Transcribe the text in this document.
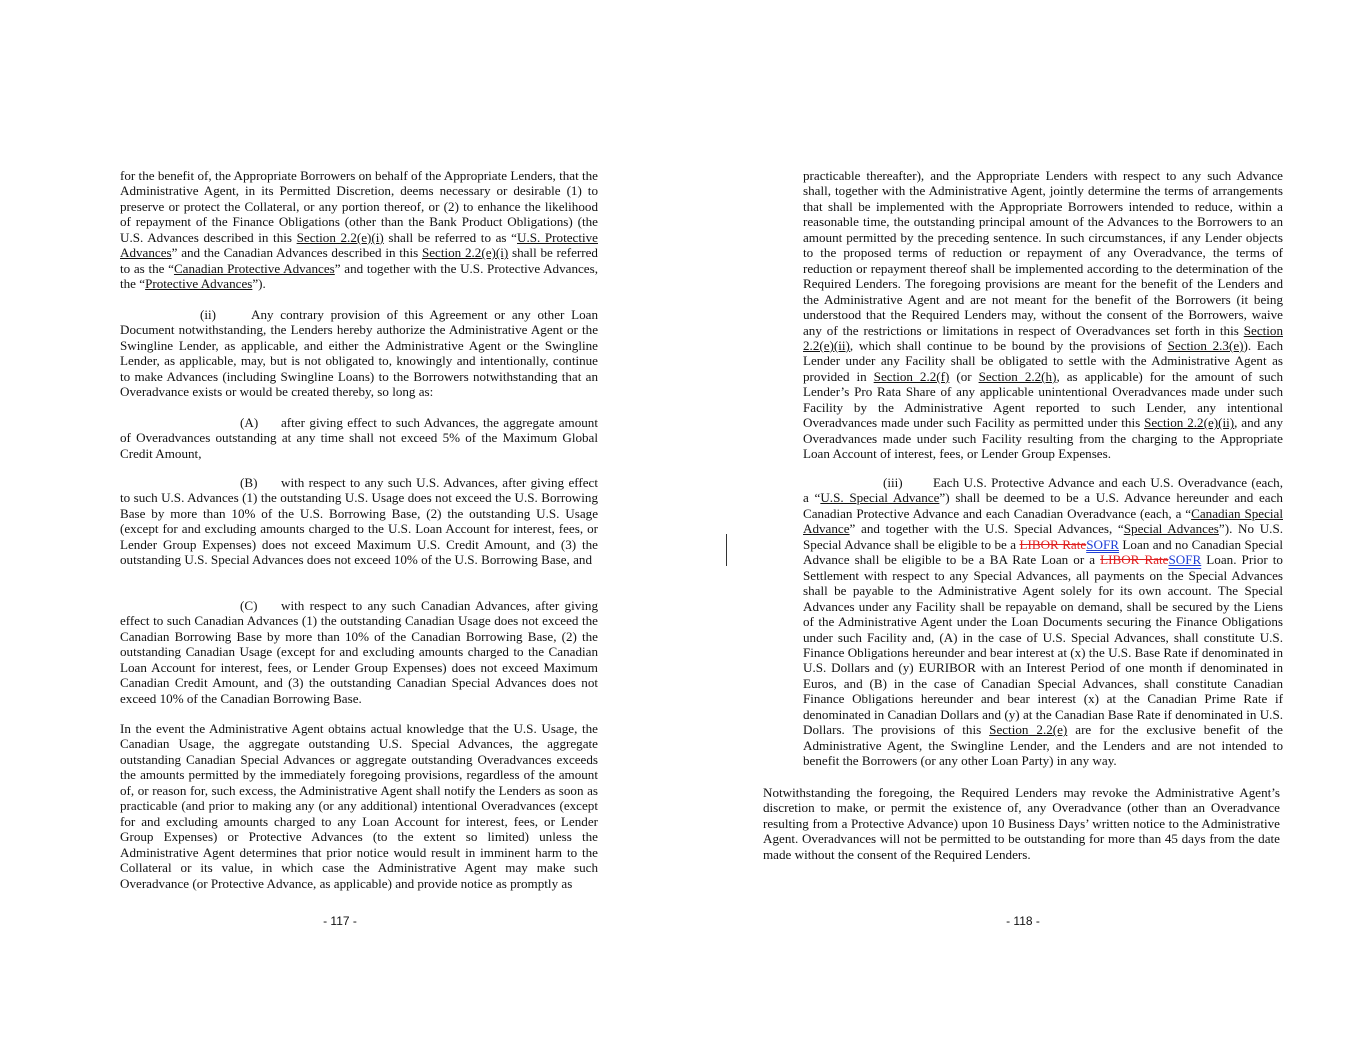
- 117 -

for the benefit of, the Appropriate Borrowers on behalf of the Appropriate Lenders, that the Administrative Agent, in its Permitted Discretion, deems necessary or desirable (1) to preserve or protect the Collateral, or any portion thereof, or (2) to enhance the likelihood of repayment of the Finance Obligations (other than the Bank Product Obligations) (the U.S. Advances described in this Section 2.2(e)(i) shall be referred to as “U.S. Protective Advances” and the Canadian Advances described in this Section 2.2(e)(i) shall be referred to as the “Canadian Protective Advances” and together with the U.S. Protective Advances, the “Protective Advances”).

(ii)	Any contrary provision of this Agreement or any other Loan Document notwithstanding, the Lenders hereby authorize the Administrative Agent or the Swingline Lender, as applicable, and either the Administrative Agent or the Swingline Lender, as applicable, may, but is not obligated to, knowingly and intentionally, continue to make Advances (including Swingline Loans) to the Borrowers notwithstanding that an Overadvance exists or would be created thereby, so long as:

(A) after giving effect to such Advances, the aggregate amount of Overadvances outstanding at any time shall not exceed 5% of the Maximum Global Credit Amount,

(B) with respect to any such U.S. Advances, after giving effect to such U.S. Advances (1) the outstanding U.S. Usage does not exceed the U.S. Borrowing Base by more than 10% of the U.S. Borrowing Base, (2) the outstanding U.S. Usage (except for and excluding amounts charged to the U.S. Loan Account for interest, fees, or Lender Group Expenses) does not exceed Maximum U.S. Credit Amount, and (3) the outstanding U.S. Special Advances does not exceed 10% of the U.S. Borrowing Base, and

(C) with respect to any such Canadian Advances, after giving effect to such Canadian Advances (1) the outstanding Canadian Usage does not exceed the Canadian Borrowing Base by more than 10% of the Canadian Borrowing Base, (2) the outstanding Canadian Usage (except for and excluding amounts charged to the Canadian Loan Account for interest, fees, or Lender Group Expenses) does not exceed Maximum Canadian Credit Amount, and (3) the outstanding Canadian Special Advances does not exceed 10% of the Canadian Borrowing Base.

In the event the Administrative Agent obtains actual knowledge that the U.S. Usage, the Canadian Usage, the aggregate outstanding U.S. Special Advances, the aggregate outstanding Canadian Special Advances or aggregate outstanding Overadvances exceeds the amounts permitted by the immediately foregoing provisions, regardless of the amount of, or reason for, such excess, the Administrative Agent shall notify the Lenders as soon as practicable (and prior to making any (or any additional) intentional Overadvances (except for and excluding amounts charged to any Loan Account for interest, fees, or Lender Group Expenses) or Protective Advances (to the extent so limited) unless the Administrative Agent determines that prior notice would result in imminent harm to the Collateral or its value, in which case the Administrative Agent may make such Overadvance (or Protective Advance, as applicable) and provide notice as promptly as

- 118 -

practicable thereafter), and the Appropriate Lenders with respect to any such Advance shall, together with the Administrative Agent, jointly determine the terms of arrangements that shall be implemented with the Appropriate Borrowers intended to reduce, within a reasonable time, the outstanding principal amount of the Advances to the Borrowers to an amount permitted by the preceding sentence. In such circumstances, if any Lender objects to the proposed terms of reduction or repayment of any Overadvance, the terms of reduction or repayment thereof shall be implemented according to the determination of the Required Lenders. The foregoing provisions are meant for the benefit of the Lenders and the Administrative Agent and are not meant for the benefit of the Borrowers (it being understood that the Required Lenders may, without the consent of the Borrowers, waive any of the restrictions or limitations in respect of Overadvances set forth in this Section 2.2(e)(ii), which shall continue to be bound by the provisions of Section 2.3(e)). Each Lender under any Facility shall be obligated to settle with the Administrative Agent as provided in Section 2.2(f) (or Section 2.2(h), as applicable) for the amount of such Lender’s Pro Rata Share of any applicable unintentional Overadvances made under such Facility by the Administrative Agent reported to such Lender, any intentional Overadvances made under such Facility as permitted under this Section 2.2(e)(ii), and any Overadvances made under such Facility resulting from the charging to the Appropriate Loan Account of interest, fees, or Lender Group Expenses.

(iii) Each U.S. Protective Advance and each U.S. Overadvance (each, a “U.S. Special Advance”) shall be deemed to be a U.S. Advance hereunder and each Canadian Protective Advance and each Canadian Overadvance (each, a “Canadian Special Advance” and together with the U.S. Special Advances, “Special Advances”). No U.S. Special Advance shall be eligible to be a LIBOR RateSOFR Loan and no Canadian Special Advance shall be eligible to be a BA Rate Loan or a LIBOR RateSOFR Loan. Prior to Settlement with respect to any Special Advances, all payments on the Special Advances shall be payable to the Administrative Agent solely for its own account. The Special Advances under any Facility shall be repayable on demand, shall be secured by the Liens of the Administrative Agent under the Loan Documents securing the Finance Obligations under such Facility and, (A) in the case of U.S. Special Advances, shall constitute U.S. Finance Obligations hereunder and bear interest at (x) the U.S. Base Rate if denominated in U.S. Dollars and (y) EURIBOR with an Interest Period of one month if denominated in Euros, and (B) in the case of Canadian Special Advances, shall constitute Canadian Finance Obligations hereunder and bear interest (x) at the Canadian Prime Rate if denominated in Canadian Dollars and (y) at the Canadian Base Rate if denominated in U.S. Dollars. The provisions of this Section 2.2(e) are for the exclusive benefit of the Administrative Agent, the Swingline Lender, and the Lenders and are not intended to benefit the Borrowers (or any other Loan Party) in any way.

Notwithstanding the foregoing, the Required Lenders may revoke the Administrative Agent’s discretion to make, or permit the existence of, any Overadvance (other than an Overadvance resulting from a Protective Advance) upon 10 Business Days’ written notice to the Administrative Agent. Overadvances will not be permitted to be outstanding for more than 45 days from the date made without the consent of the Required Lenders.
